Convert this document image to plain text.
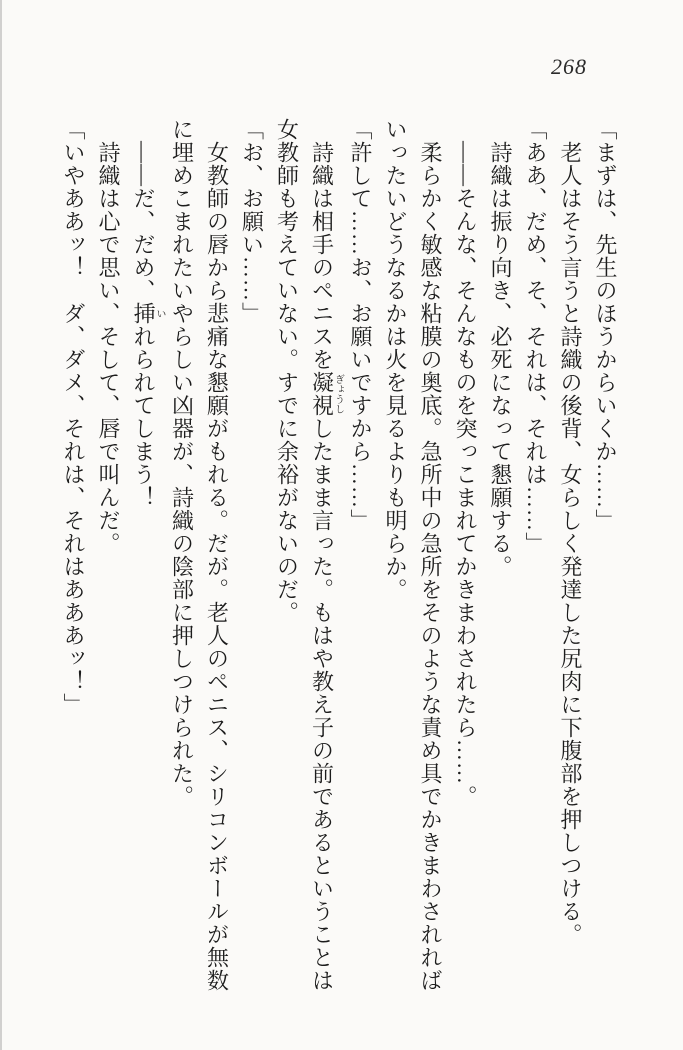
268
「まずは、先生のほうからいくか……」
老人はそう言うと詩織の後背、女らしく発達した尻肉に下腹部を押しつける。
「ああ、だめ、そ、それは、それは……」
詩織は振り向き、必死になって懇願する。
――そんな、そんなものを突っこまれてかきまわされたら……。
柔らかく敏感な粘膜の奥底。急所中の急所をそのような責め具でかきまわされれば
いったいどうなるかは火を見るよりも明らか。
「許して……お、お願いですから……」
詩織は相手のペニスを凝視ぎょうししたまま言った。もはや教え子の前であるということは
女教師も考えていない。すでに余裕がないのだ。
「お、お願い……」
女教師の唇から悲痛な懇願がもれる。だが。老人のペニス、シリコンボールが無数
に埋めこまれたいやらしい凶器が、詩織の陰部に押しつけられた。
――だ、だめ、挿いれられてしまう！
詩織は心で思い、そして、唇で叫んだ。
「いやああッ！　ダ、ダメ、それは、それはあああッ！」
